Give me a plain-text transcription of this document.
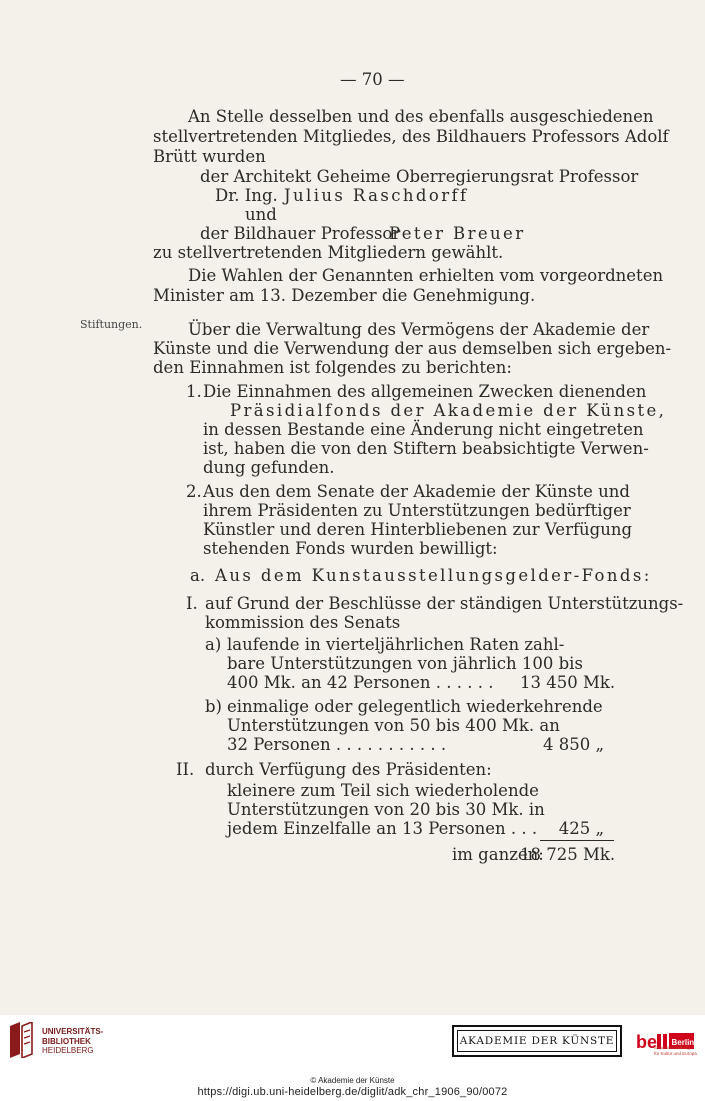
— 70 —
Stiftungen.
An Stelle desselben und des ebenfalls ausgeschiedenen
stellvertretenden Mitgliedes, des Bildhauers Professors Adolf
Brütt wurden
der Architekt Geheime Oberregierungsrat Professor
Dr. Ing. Julius Raschdorff
und
der Bildhauer Professor
Peter Breuer
zu stellvertretenden Mitgliedern gewählt.
Die Wahlen der Genannten erhielten vom vorgeordneten
Minister am 13. Dezember die Genehmigung.
Über die Verwaltung des Vermögens der Akademie der
Künste und die Verwendung der aus demselben sich ergeben-
den Einnahmen ist folgendes zu berichten:
1. Die Einnahmen des allgemeinen Zwecken dienenden
Präsidialfonds der Akademie der Künste,
in dessen Bestande eine Änderung nicht eingetreten
ist, haben die von den Stiftern beabsichtigte Verwen-
dung gefunden.
2. Aus den dem Senate der Akademie der Künste und
ihrem Präsidenten zu Unterstützungen bedürftiger
Künstler und deren Hinterbliebenen zur Verfügung
stehenden Fonds wurden bewilligt:
a. Aus dem Kunstausstellungsgelder-Fonds:
I. auf Grund der Beschlüsse der ständigen Unterstützungs-
kommission des Senats
a) laufende in vierteljährlichen Raten zahl-
bare Unterstützungen von jährlich 100 bis
400 Mk. an 42 Personen . . . . . . 13 450 Mk.
b) einmalige oder gelegentlich wiederkehrende
Unterstützungen von 50 bis 400 Mk. an
32 Personen . . . . . . . . . . .	4 850 „
II. durch Verfügung des Präsidenten:
kleinere zum Teil sich wiederholende
Unterstützungen von 20 bis 30 Mk. in
jedem Einzelfalle an 13 Personen . . .	425 „
im ganzen:
18 725 Mk.
UNIVERSITÄTS-
BIBLIOTHEK
HEIDELBERG
AKADEMIE DER KÜNSTE be Berlin
Senatsverwaltung
für Kultur und Europa
© Akademie der Künste
https://digi.ub.uni-heidelberg.de/diglit/adk_chr_1906_90/0072
